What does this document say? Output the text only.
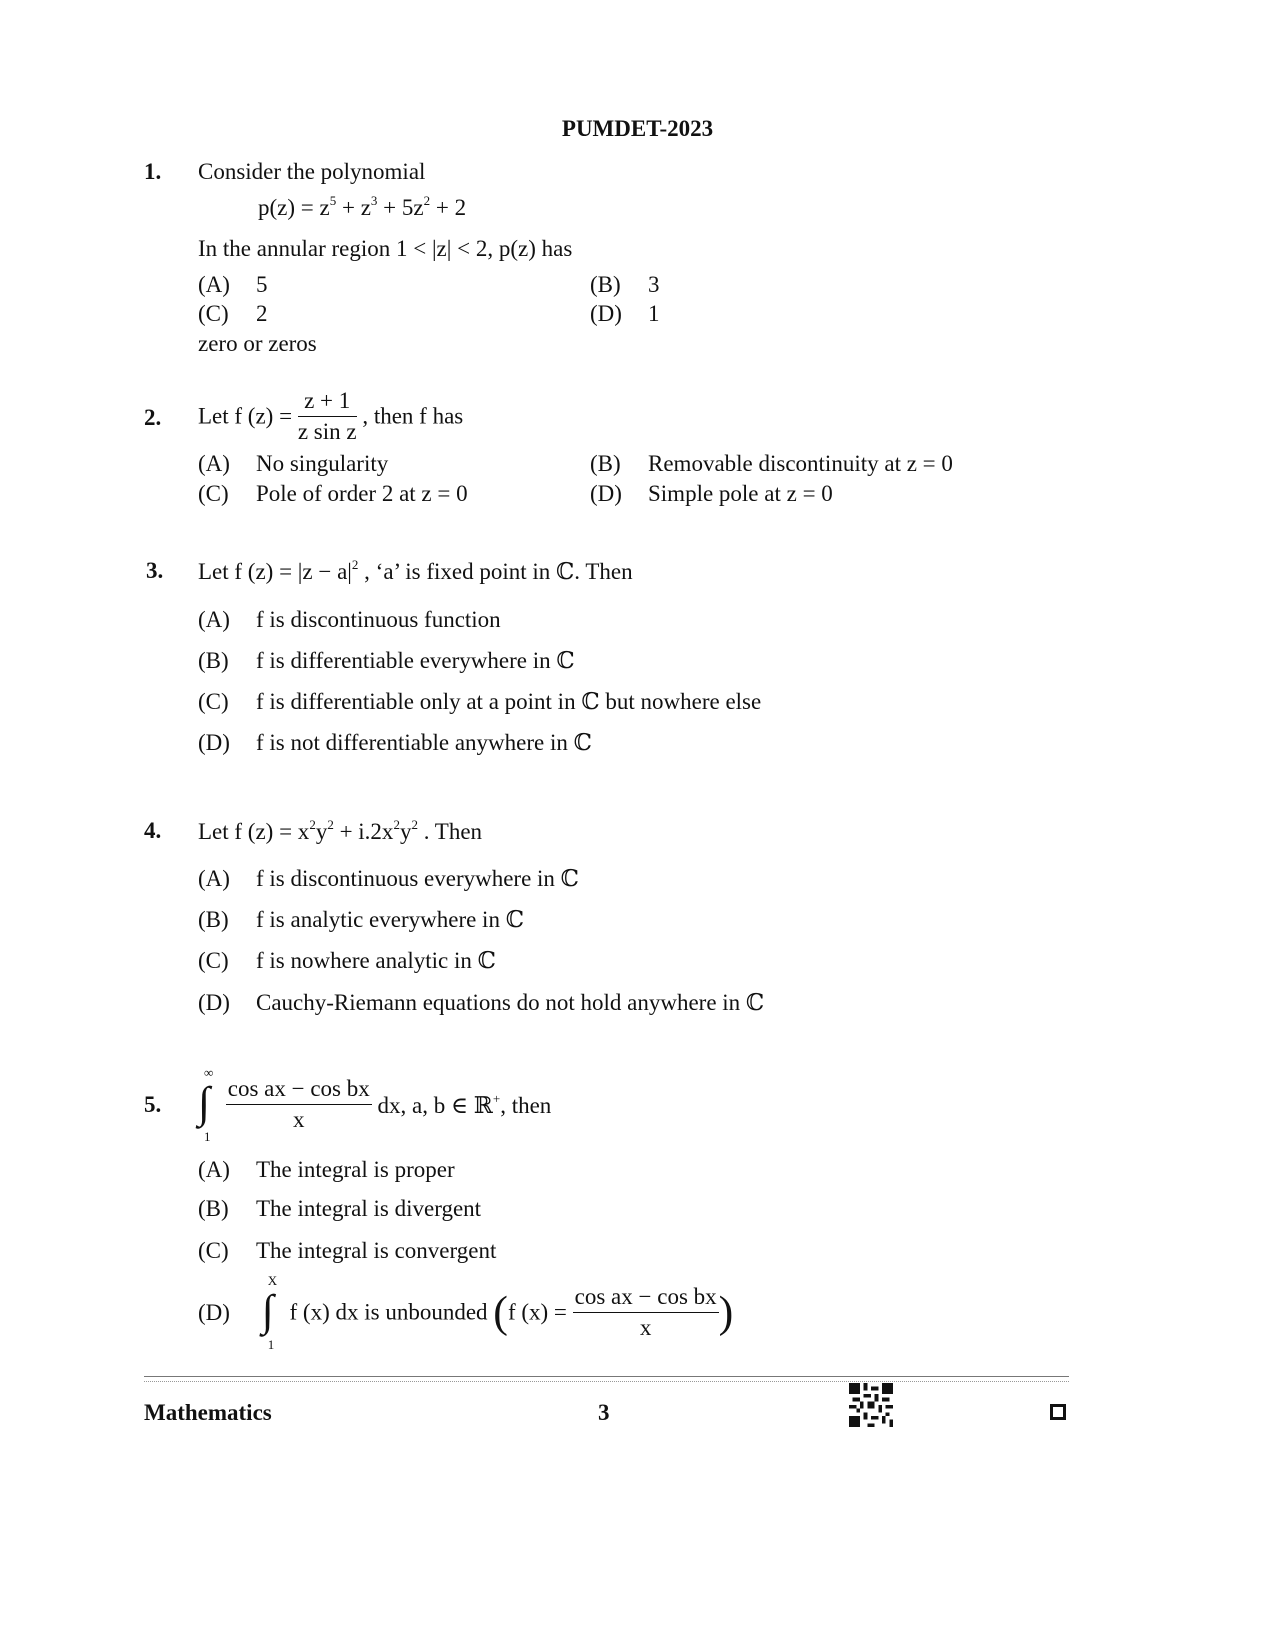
PUMDET-2023
1. Consider the polynomial
$p(z) = z^5 + z^3 + 5z^2 + 2$
In the annular region 1 < |z| < 2, p(z) has
(A) 5	(B) 3
(C) 2	(D) 1
zero or zeros
2. Let f $(z) = \frac{z + 1}{\text{z sin z}}$ , then f has
(A) No singularity	(B) Removable discontinuity at z = 0
(C) Pole of order 2 at z = 0	(D) Simple pole at z = 0
3. Let f $(z) = |z - a|^2$ , ‘a’ is fixed point in ℂ. Then
(A) f is discontinuous function
(B) f is differentiable everywhere in ℂ
(C) f is differentiable only at a point in ℂ but nowhere else
(D) f is not differentiable anywhere in ℂ
4. Let f $(z) = x^2y^2 + i.2x^2y^2$ . Then
(A) f is discontinuous everywhere in ℂ
(B) f is analytic everywhere in ℂ
(C) f is nowhere analytic in ℂ
(D) Cauchy-Riemann equations do not hold anywhere in ℂ
5.
∞
∫
1

$\frac{\text{cos ax − cos bx}}{x}$ dx, a, b ∈ ℝ+, then
(A) The integral is proper
(B) The integral is divergent
(C) The integral is convergent
(D)
X
∫
1
f (x) dx is unbounded (f $(x) = \frac{\text{cos ax − cos bx}}{x}$ )
Mathematics	3
